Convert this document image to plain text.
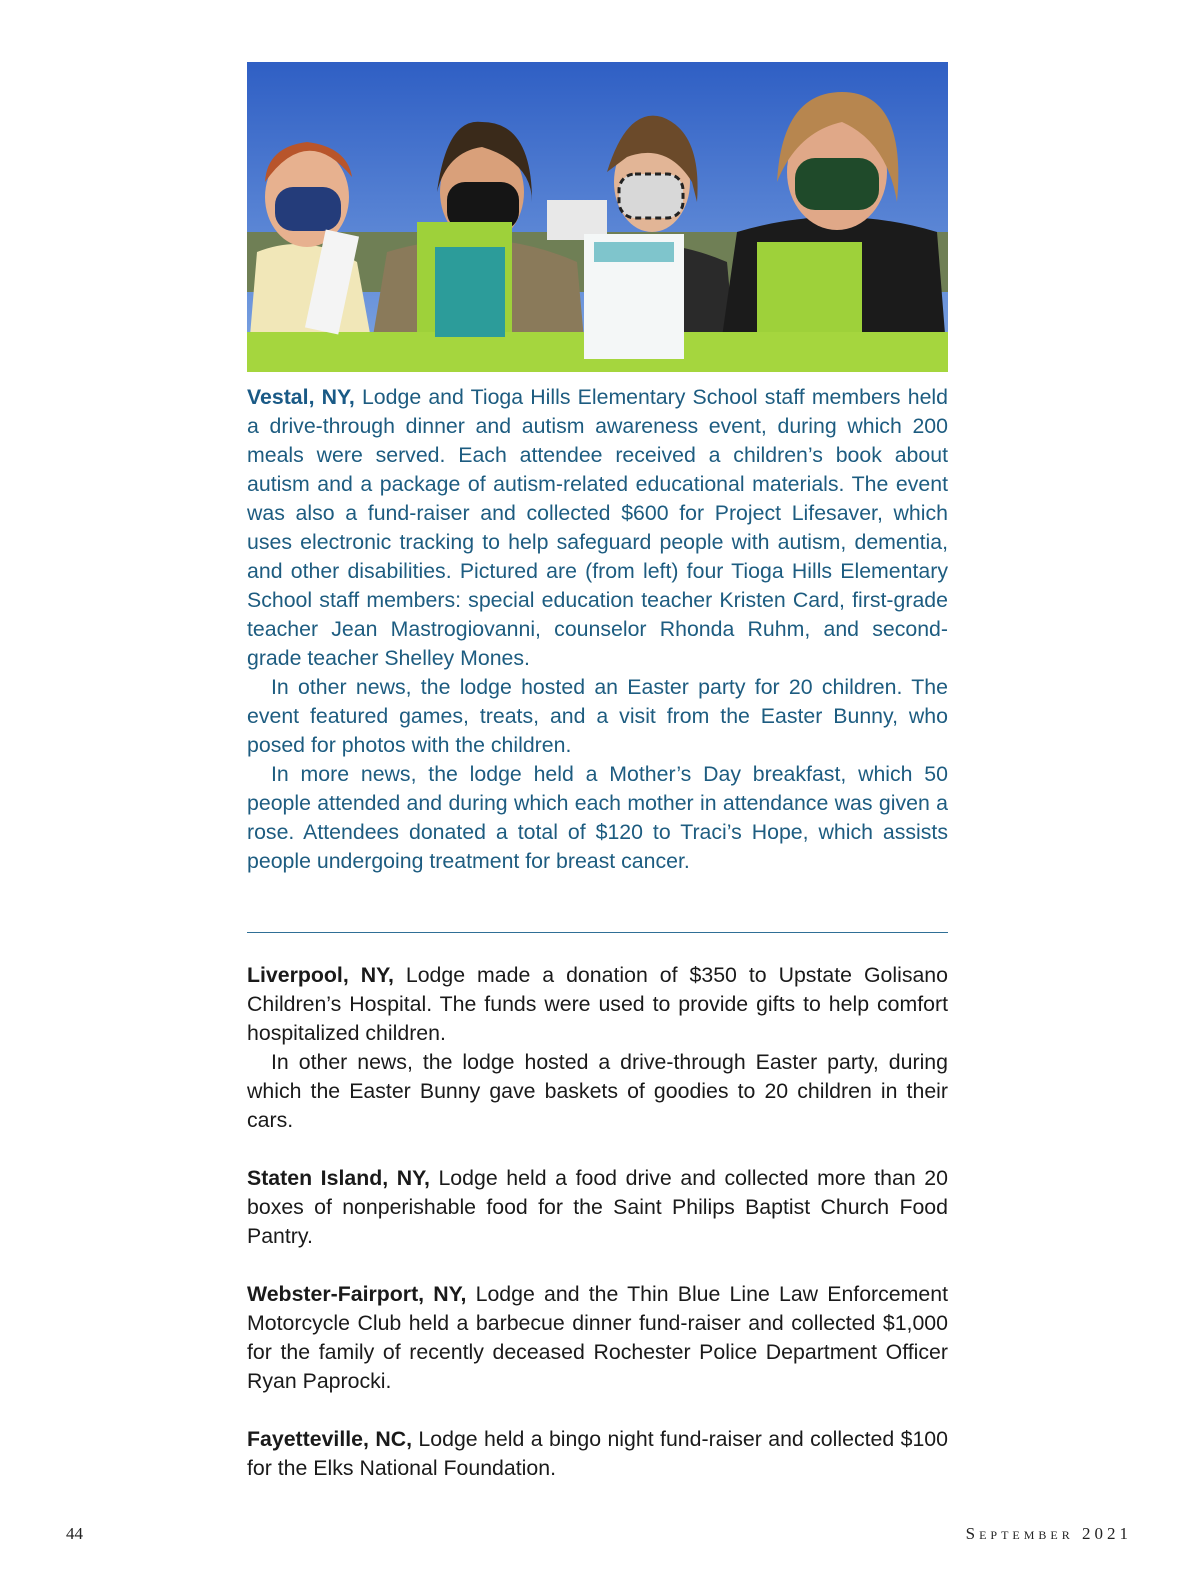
Vestal, NY, Lodge and Tioga Hills Elementary School staff members held a drive-through dinner and autism awareness event, during which 200 meals were served. Each attendee received a children’s book about autism and a package of autism-related educational materials. The event was also a fund-raiser and collected $600 for Project Lifesaver, which uses electronic tracking to help safeguard people with autism, dementia, and other disabilities. Pictured are (from left) four Tioga Hills Elementary School staff members: special education teacher Kristen Card, first-grade teacher Jean Mastrogiovanni, counselor Rhonda Ruhm, and second-grade teacher Shelley Mones.

In other news, the lodge hosted an Easter party for 20 children. The event featured games, treats, and a visit from the Easter Bunny, who posed for photos with the children.

In more news, the lodge held a Mother’s Day breakfast, which 50 people attended and during which each mother in attendance was given a rose. Attendees donated a total of $120 to Traci’s Hope, which assists people undergoing treatment for breast cancer.

Liverpool, NY, Lodge made a donation of $350 to Upstate Golisano Children’s Hospital. The funds were used to provide gifts to help comfort hospitalized children.

In other news, the lodge hosted a drive-through Easter party, during which the Easter Bunny gave baskets of goodies to 20 children in their cars.

Staten Island, NY, Lodge held a food drive and collected more than 20 boxes of nonperishable food for the Saint Philips Baptist Church Food Pantry.

Webster-Fairport, NY, Lodge and the Thin Blue Line Law Enforcement Motorcycle Club held a barbecue dinner fund-raiser and collected $1,000 for the family of recently deceased Rochester Police Department Officer Ryan Paprocki.

Fayetteville, NC, Lodge held a bingo night fund-raiser and collected $100 for the Elks National Foundation.

44	September 2021
